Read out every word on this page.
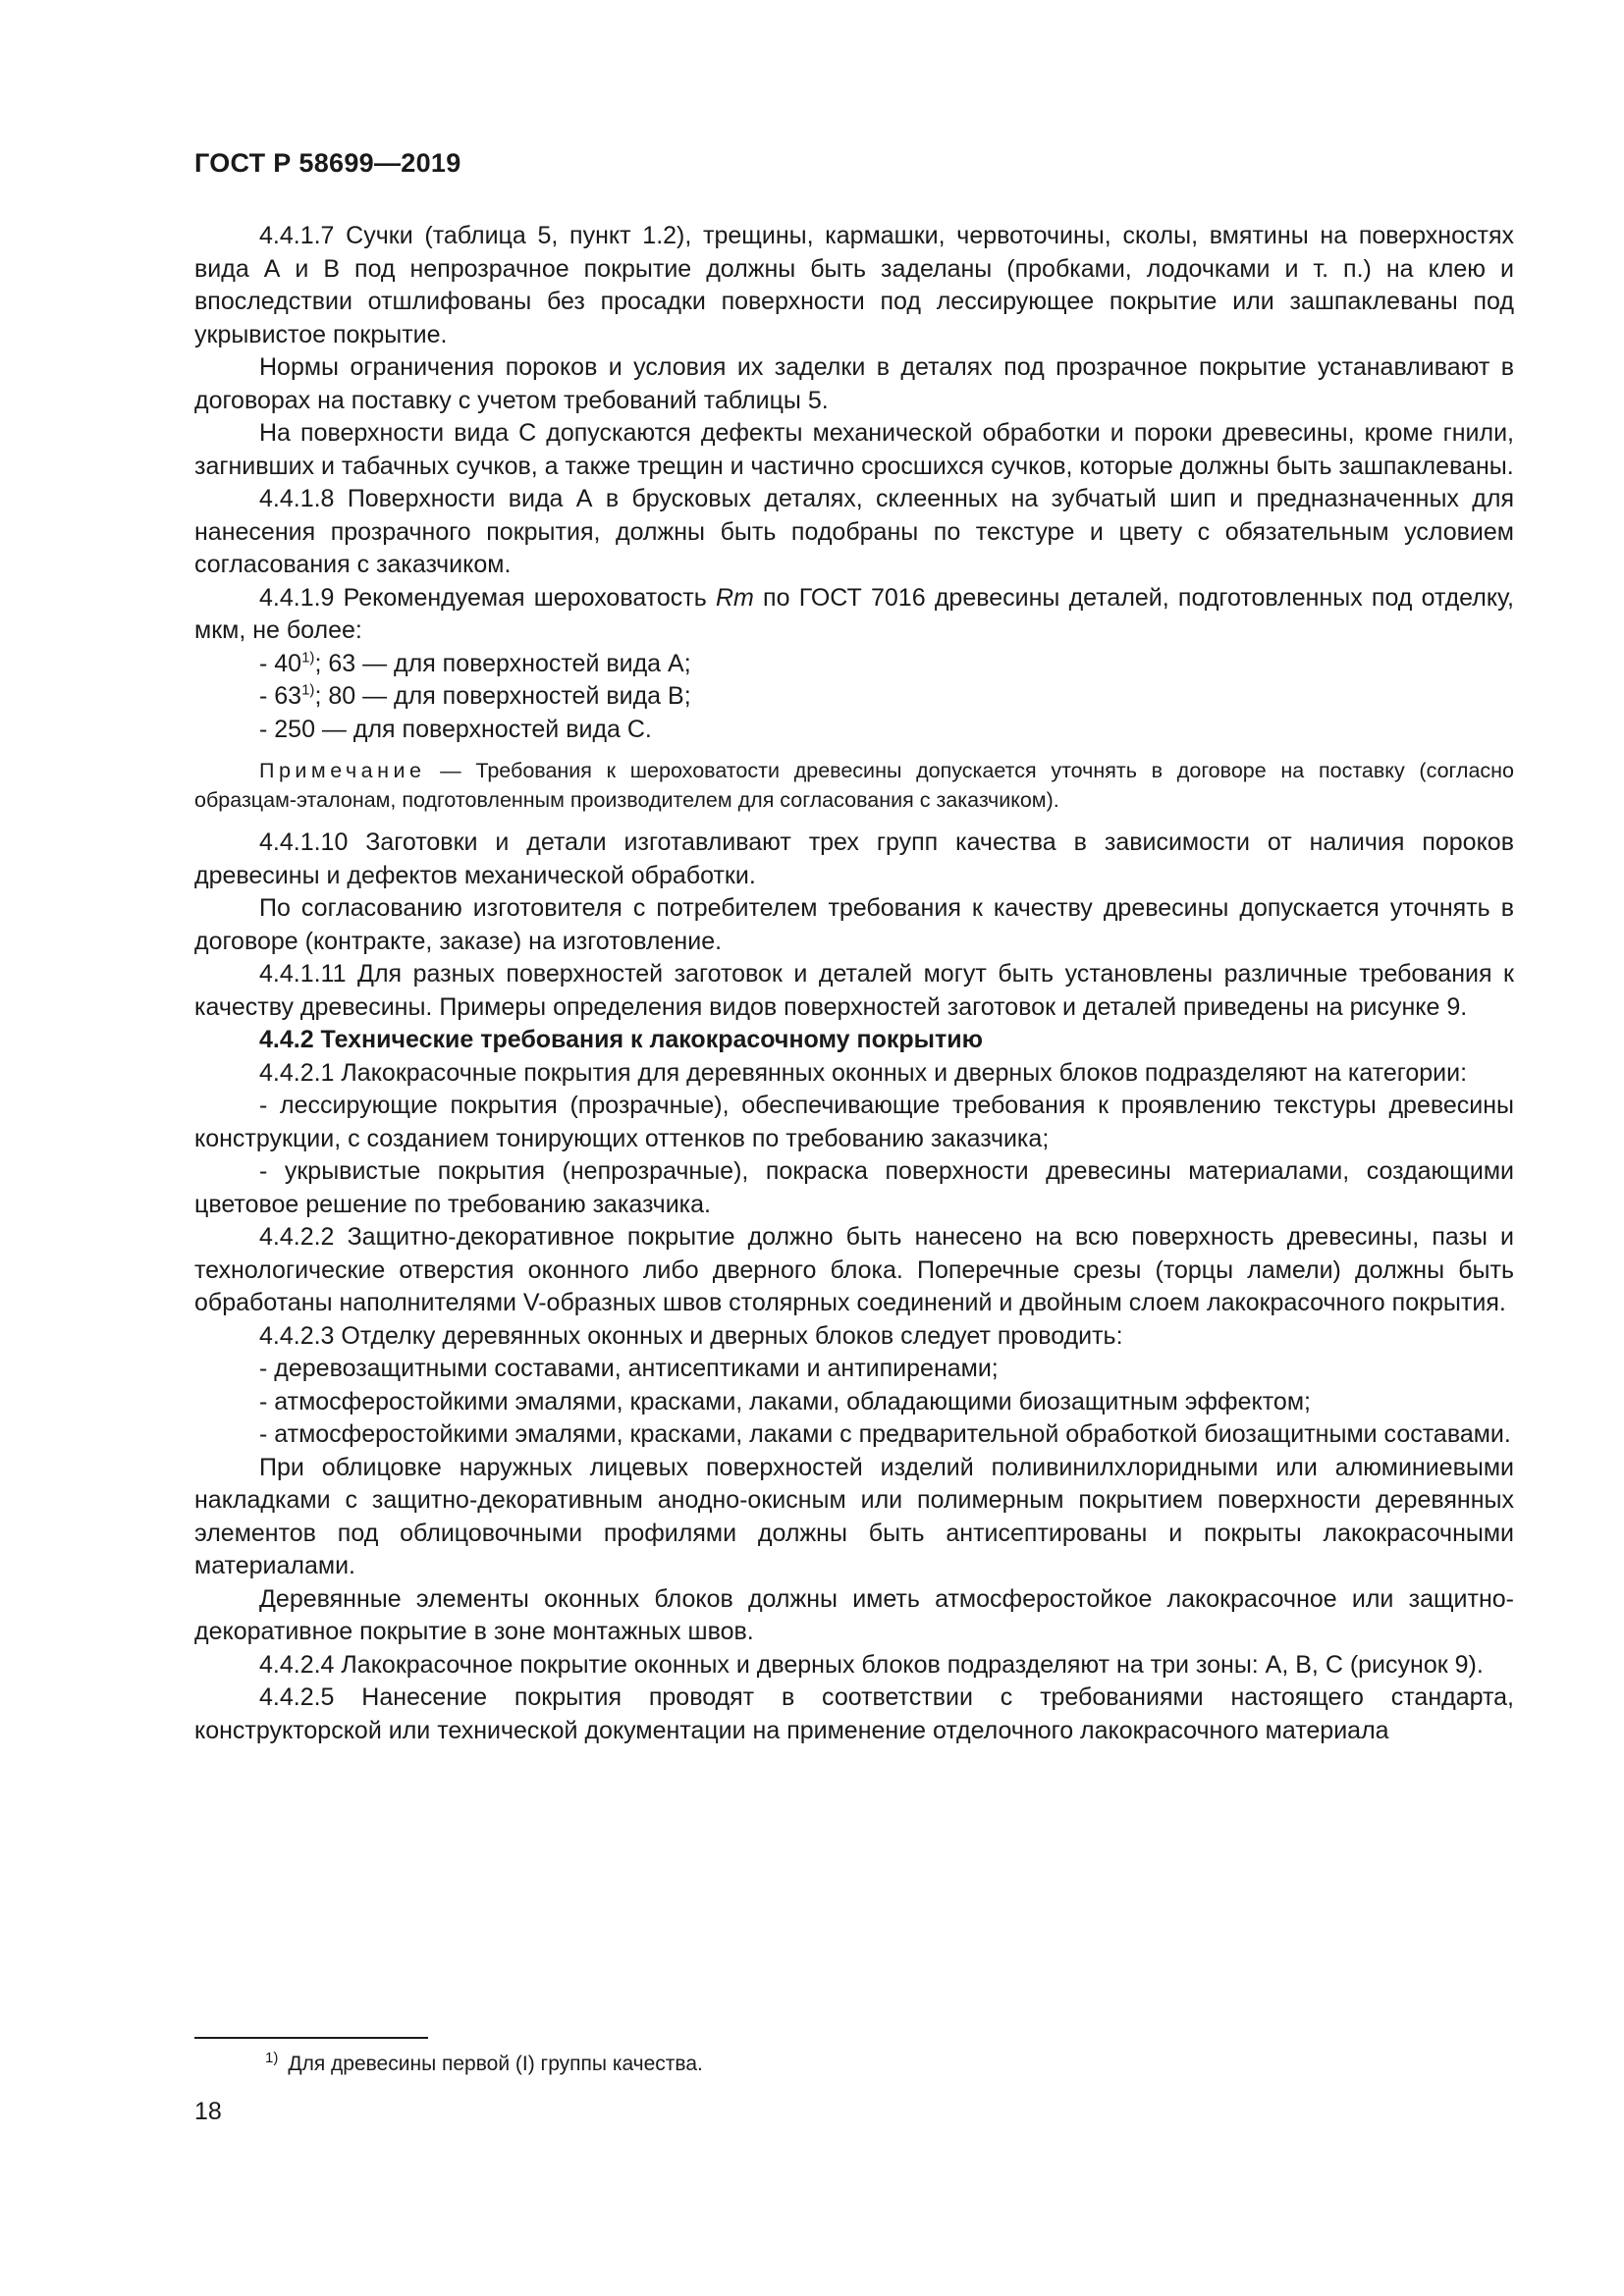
ГОСТ Р 58699—2019

4.4.1.7 Сучки (таблица 5, пункт 1.2), трещины, кармашки, червоточины, сколы, вмятины на поверхностях вида А и В под непрозрачное покрытие должны быть заделаны (пробками, лодочками и т. п.) на клею и впоследствии отшлифованы без просадки поверхности под лессирующее покрытие или зашпаклеваны под укрывистое покрытие.

Нормы ограничения пороков и условия их заделки в деталях под прозрачное покрытие устанавливают в договорах на поставку с учетом требований таблицы 5.

На поверхности вида С допускаются дефекты механической обработки и пороки древесины, кроме гнили, загнивших и табачных сучков, а также трещин и частично сросшихся сучков, которые должны быть зашпаклеваны.

4.4.1.8 Поверхности вида А в брусковых деталях, склеенных на зубчатый шип и предназначенных для нанесения прозрачного покрытия, должны быть подобраны по текстуре и цвету с обязательным условием согласования с заказчиком.

4.4.1.9 Рекомендуемая шероховатость Rm по ГОСТ 7016 древесины деталей, подготовленных под отделку, мкм, не более:

- 40$^{1)}$; 63 — для поверхностей вида А;

- 63$^{1)}$; 80 — для поверхностей вида В;

- 250 — для поверхностей вида С.

Примечание — Требования к шероховатости древесины допускается уточнять в договоре на поставку (согласно образцам-эталонам, подготовленным производителем для согласования с заказчиком).

4.4.1.10 Заготовки и детали изготавливают трех групп качества в зависимости от наличия пороков древесины и дефектов механической обработки.

По согласованию изготовителя с потребителем требования к качеству древесины допускается уточнять в договоре (контракте, заказе) на изготовление.

4.4.1.11 Для разных поверхностей заготовок и деталей могут быть установлены различные требования к качеству древесины. Примеры определения видов поверхностей заготовок и деталей приведены на рисунке 9.

4.4.2 Технические требования к лакокрасочному покрытию

4.4.2.1 Лакокрасочные покрытия для деревянных оконных и дверных блоков подразделяют на категории:

- лессирующие покрытия (прозрачные), обеспечивающие требования к проявлению текстуры древесины конструкции, с созданием тонирующих оттенков по требованию заказчика;

- укрывистые покрытия (непрозрачные), покраска поверхности древесины материалами, создающими цветовое решение по требованию заказчика.

4.4.2.2 Защитно-декоративное покрытие должно быть нанесено на всю поверхность древесины, пазы и технологические отверстия оконного либо дверного блока. Поперечные срезы (торцы ламели) должны быть обработаны наполнителями V-образных швов столярных соединений и двойным слоем лакокрасочного покрытия.

4.4.2.3 Отделку деревянных оконных и дверных блоков следует проводить:

- деревозащитными составами, антисептиками и антипиренами;

- атмосферостойкими эмалями, красками, лаками, обладающими биозащитным эффектом;

- атмосферостойкими эмалями, красками, лаками с предварительной обработкой биозащитными составами.

При облицовке наружных лицевых поверхностей изделий поливинилхлоридными или алюминиевыми накладками с защитно-декоративным анодно-окисным или полимерным покрытием поверхности деревянных элементов под облицовочными профилями должны быть антисептированы и покрыты лакокрасочными материалами.

Деревянные элементы оконных блоков должны иметь атмосферостойкое лакокрасочное или защитно-декоративное покрытие в зоне монтажных швов.

4.4.2.4 Лакокрасочное покрытие оконных и дверных блоков подразделяют на три зоны: А, В, С (рисунок 9).

4.4.2.5 Нанесение покрытия проводят в соответствии с требованиями настоящего стандарта, конструкторской или технической документации на применение отделочного лакокрасочного материала

$^{1)}$ Для древесины первой (I) группы качества.
18
